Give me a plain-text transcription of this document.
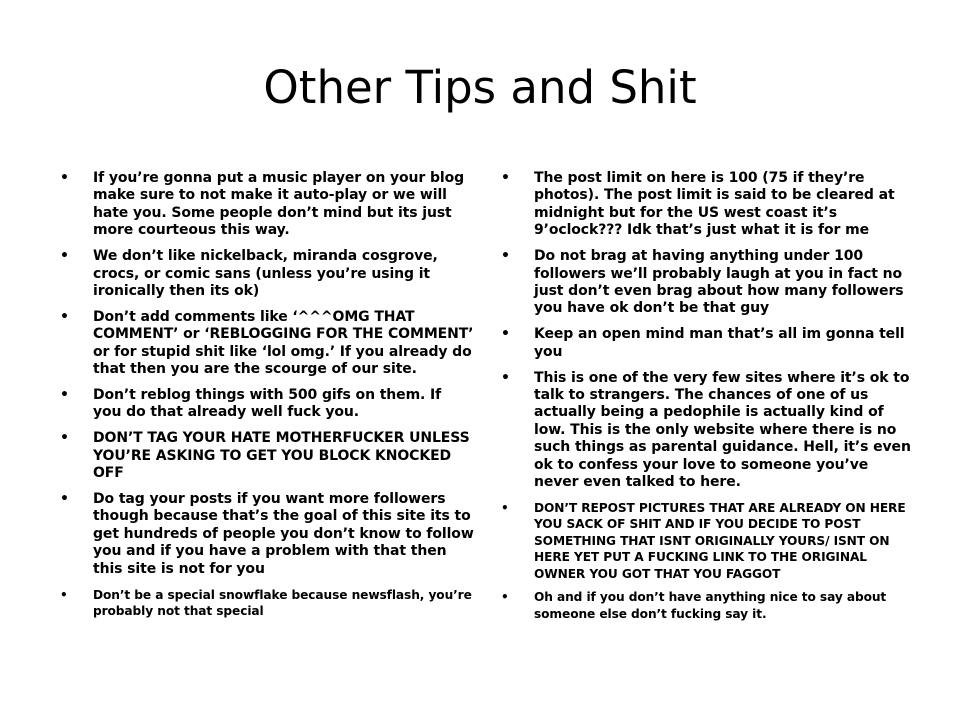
Other Tips and Shit
• If you’re gonna put a music player on your blog make sure to not make it auto-play or we will hate you. Some people don’t mind but its just more courteous this way.
• We don’t like nickelback, miranda cosgrove, crocs, or comic sans (unless you’re using it ironically then its ok)
• Don’t add comments like ‘^^^OMG THAT COMMENT’ or ‘REBLOGGING FOR THE COMMENT’ or for stupid shit like ‘lol omg.’ If you already do that then you are the scourge of our site.
• Don’t reblog things with 500 gifs on them. If you do that already well fuck you.
• DON’T TAG YOUR HATE MOTHERFUCKER UNLESS YOU’RE ASKING TO GET YOU BLOCK KNOCKED OFF
• Do tag your posts if you want more followers though because that’s the goal of this site its to get hundreds of people you don’t know to follow you and if you have a problem with that then this site is not for you
• Don’t be a special snowflake because newsflash, you’re probably not that special
• The post limit on here is 100 (75 if they’re photos). The post limit is said to be cleared at midnight but for the US west coast it’s 9’oclock??? Idk that’s just what it is for me
• Do not brag at having anything under 100 followers we’ll probably laugh at you in fact no just don’t even brag about how many followers you have ok don’t be that guy
• Keep an open mind man that’s all im gonna tell you
• This is one of the very few sites where it’s ok to talk to strangers. The chances of one of us actually being a pedophile is actually kind of low. This is the only website where there is no such things as parental guidance. Hell, it’s even ok to confess your love to someone you’ve never even talked to here.
• DON’T REPOST PICTURES THAT ARE ALREADY ON HERE YOU SACK OF SHIT AND IF YOU DECIDE TO POST SOMETHING THAT ISNT ORIGINALLY YOURS/ ISNT ON HERE YET PUT A FUCKING LINK TO THE ORIGINAL OWNER YOU GOT THAT YOU FAGGOT
• Oh and if you don’t have anything nice to say about someone else don’t fucking say it.
